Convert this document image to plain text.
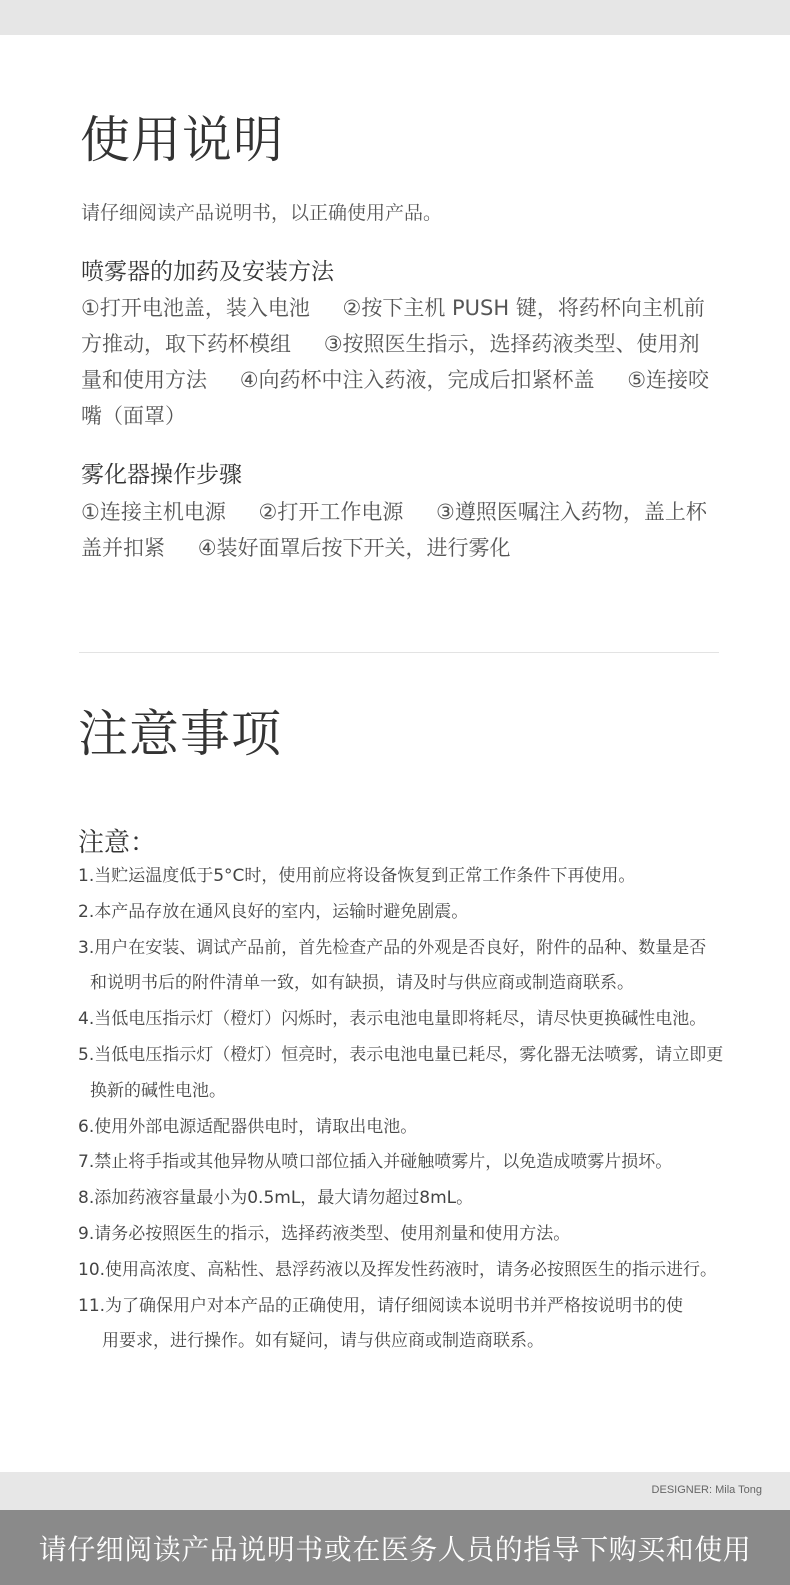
使用说明
请仔细阅读产品说明书，以正确使用产品。
喷雾器的加药及安装方法
①打开电池盖，装入电池 ②按下主机 PUSH 键，将药杯向主机前方推动，取下药杯模组 ③按照医生指示，选择药液类型、使用剂量和使用方法 ④向药杯中注入药液，完成后扣紧杯盖 ⑤连接咬嘴（面罩）
雾化器操作步骤
①连接主机电源 ②打开工作电源 ③遵照医嘱注入药物，盖上杯盖并扣紧 ④装好面罩后按下开关，进行雾化
注意事项
注意：
1.当贮运温度低于5°C时，使用前应将设备恢复到正常工作条件下再使用。
2.本产品存放在通风良好的室内，运输时避免剧震。
3.用户在安装、调试产品前，首先检查产品的外观是否良好，附件的品种、数量是否
和说明书后的附件清单一致，如有缺损，请及时与供应商或制造商联系。
4.当低电压指示灯（橙灯）闪烁时，表示电池电量即将耗尽，请尽快更换碱性电池。
5.当低电压指示灯（橙灯）恒亮时，表示电池电量已耗尽，雾化器无法喷雾，请立即更
换新的碱性电池。
6.使用外部电源适配器供电时，请取出电池。
7.禁止将手指或其他异物从喷口部位插入并碰触喷雾片，以免造成喷雾片损坏。
8.添加药液容量最小为0.5mL，最大请勿超过8mL。
9.请务必按照医生的指示，选择药液类型、使用剂量和使用方法。
10.使用高浓度、高粘性、悬浮药液以及挥发性药液时，请务必按照医生的指示进行。
11.为了确保用户对本产品的正确使用，请仔细阅读本说明书并严格按说明书的使
用要求，进行操作。如有疑问，请与供应商或制造商联系。
DESIGNER: Mila Tong
请仔细阅读产品说明书或在医务人员的指导下购买和使用
